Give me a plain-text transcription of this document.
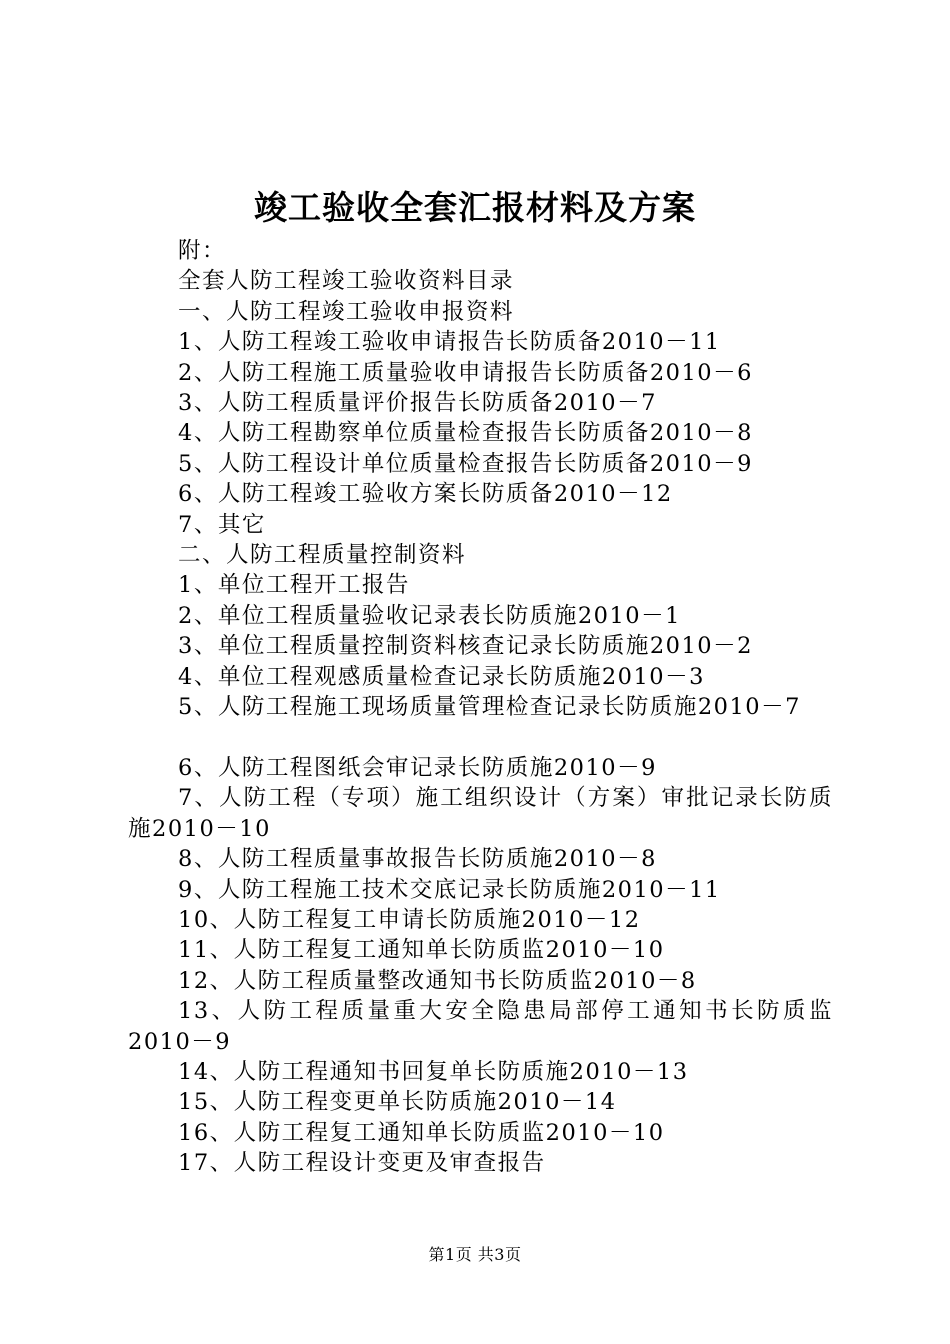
竣工验收全套汇报材料及方案

附：

全套人防工程竣工验收资料目录

一、人防工程竣工验收申报资料

1、人防工程竣工验收申请报告长防质备2010－11

2、人防工程施工质量验收申请报告长防质备2010－6

3、人防工程质量评价报告长防质备2010－7

4、人防工程勘察单位质量检查报告长防质备2010－8

5、人防工程设计单位质量检查报告长防质备2010－9

6、人防工程竣工验收方案长防质备2010－12

7、其它

二、人防工程质量控制资料

1、单位工程开工报告

2、单位工程质量验收记录表长防质施2010－1

3、单位工程质量控制资料核查记录长防质施2010－2

4、单位工程观感质量检查记录长防质施2010－3

5、人防工程施工现场质量管理检查记录长防质施2010－7

6、人防工程图纸会审记录长防质施2010－9

7、人防工程（专项）施工组织设计（方案）审批记录长防质施2010－10

8、人防工程质量事故报告长防质施2010－8

9、人防工程施工技术交底记录长防质施2010－11

10、人防工程复工申请长防质施2010－12

11、人防工程复工通知单长防质监2010－10

12、人防工程质量整改通知书长防质监2010－8

13、人防工程质量重大安全隐患局部停工通知书长防质监2010－9

14、人防工程通知书回复单长防质施2010－13

15、人防工程变更单长防质施2010－14

16、人防工程复工通知单长防质监2010－10

17、人防工程设计变更及审查报告

第1页 共3页
